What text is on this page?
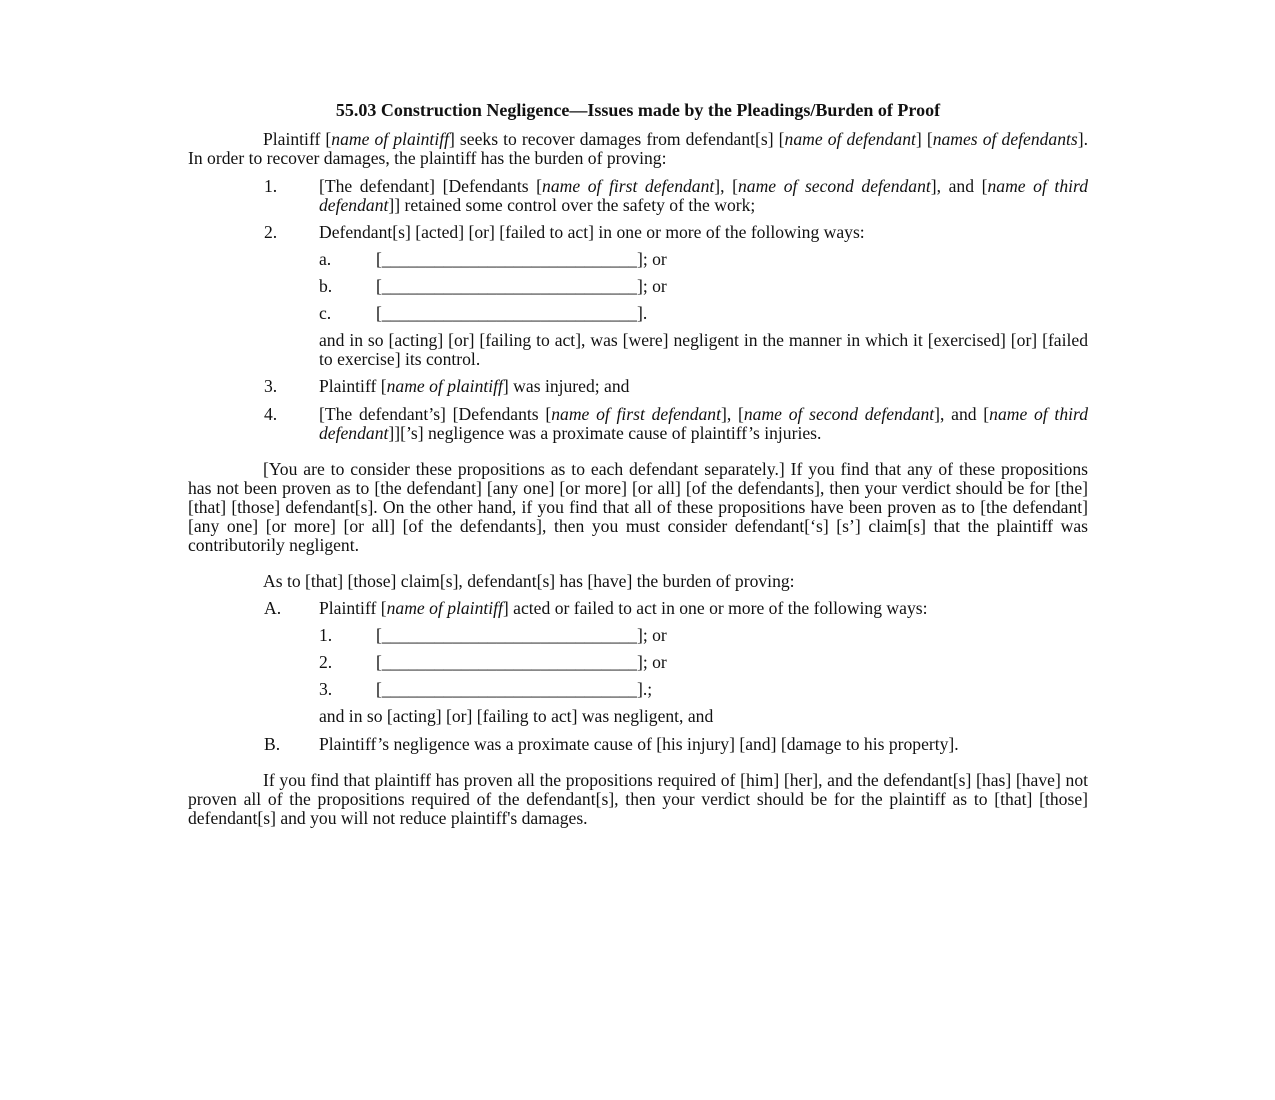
55.03 Construction Negligence—Issues made by the Pleadings/Burden of Proof

Plaintiff [name of plaintiff] seeks to recover damages from defendant[s] [name of defendant] [names of defendants]. In order to recover damages, the plaintiff has the burden of proving:

1. [The defendant] [Defendants [name of first defendant], [name of second defendant], and [name of third defendant]] retained some control over the safety of the work;
2. Defendant[s] [acted] [or] [failed to act] in one or more of the following ways:
a.	[_____________________________]; or
b. [_____________________________]; or
c.	[_____________________________].
and in so [acting] [or] [failing to act], was [were] negligent in the manner in which it [exercised] [or] [failed to exercise] its control.
3. Plaintiff [name of plaintiff] was injured; and
4. [The defendant’s] [Defendants [name of first defendant], [name of second defendant], and [name of third defendant]][’s] negligence was a proximate cause of plaintiff’s injuries.

[You are to consider these propositions as to each defendant separately.] If you find that any of these propositions has not been proven as to [the defendant] [any one] [or more] [or all] [of the defendants], then your verdict should be for [the] [that] [those] defendant[s]. On the other hand, if you find that all of these propositions have been proven as to [the defendant] [any one] [or more] [or all] [of the defendants], then you must consider defendant[‘s] [s’] claim[s] that the plaintiff was contributorily negligent.

As to [that] [those] claim[s], defendant[s] has [have] the burden of proving:

A. Plaintiff [name of plaintiff] acted or failed to act in one or more of the following ways:
1. [_____________________________]; or
2. [_____________________________]; or
3. [_____________________________].;
and in so [acting] [or] [failing to act] was negligent, and
B. Plaintiff’s negligence was a proximate cause of [his injury] [and] [damage to his property].

If you find that plaintiff has proven all the propositions required of [him] [her], and the defendant[s] [has] [have] not proven all of the propositions required of the defendant[s], then your verdict should be for the plaintiff as to [that] [those] defendant[s] and you will not reduce plaintiff's damages.
